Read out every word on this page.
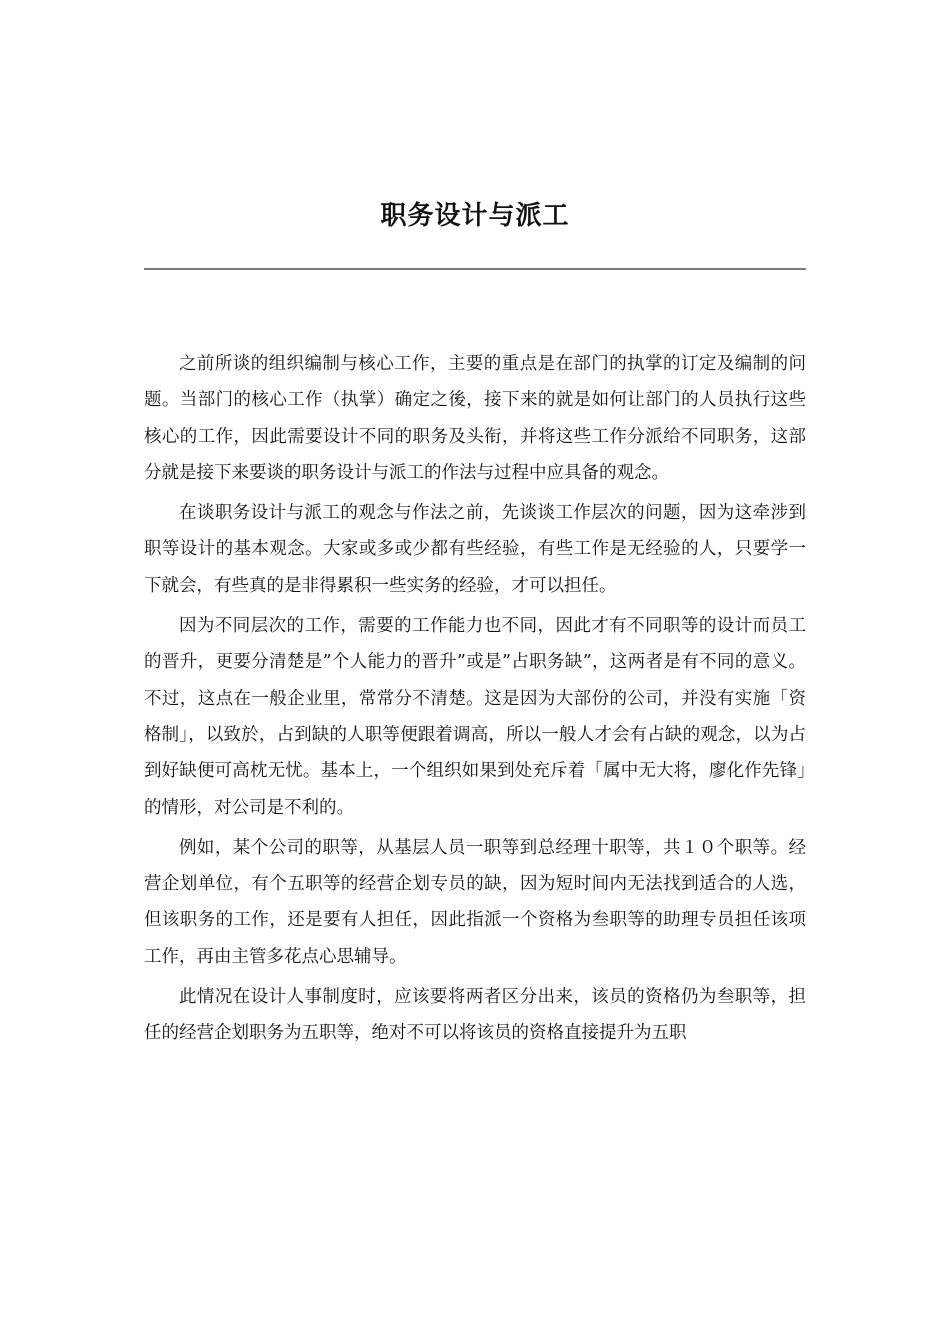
职务设计与派工

之前所谈的组织编制与核心工作，主要的重点是在部门的执掌的订定及编制的问题。当部门的核心工作（执掌）确定之後，接下来的就是如何让部门的人员执行这些核心的工作，因此需要设计不同的职务及头衔，并将这些工作分派给不同职务，这部分就是接下来要谈的职务设计与派工的作法与过程中应具备的观念。

在谈职务设计与派工的观念与作法之前，先谈谈工作层次的问题，因为这牵涉到职等设计的基本观念。大家或多或少都有些经验，有些工作是无经验的人，只要学一下就会，有些真的是非得累积一些实务的经验，才可以担任。

因为不同层次的工作，需要的工作能力也不同，因此才有不同职等的设计而员工的晋升，更要分清楚是”个人能力的晋升”或是”占职务缺”，这两者是有不同的意义。不过，这点在一般企业里，常常分不清楚。这是因为大部份的公司，并没有实施「资格制」，以致於，占到缺的人职等便跟着调高，所以一般人才会有占缺的观念，以为占到好缺便可高枕无忧。基本上，一个组织如果到处充斥着「属中无大将，廖化作先锋」的情形，对公司是不利的。

例如，某个公司的职等，从基层人员一职等到总经理十职等，共１０个职等。经营企划单位，有个五职等的经营企划专员的缺，因为短时间内无法找到适合的人选，但该职务的工作，还是要有人担任，因此指派一个资格为叁职等的助理专员担任该项工作，再由主管多花点心思辅导。

此情况在设计人事制度时，应该要将两者区分出来，该员的资格仍为叁职等，担任的经营企划职务为五职等，绝对不可以将该员的资格直接提升为五职
